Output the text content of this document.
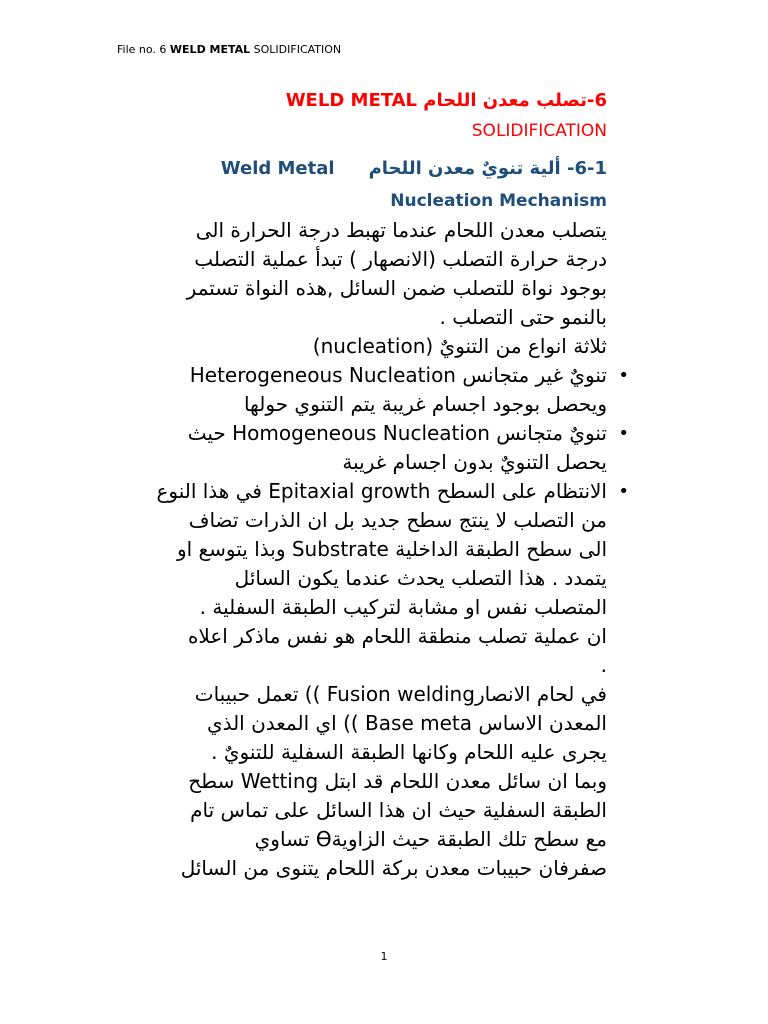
File no. 6 WELD METAL SOLIDIFICATION

6-تصلب معدن اللحام WELD METAL

SOLIDIFICATION

6-1- ألية تنويٌ معدن اللحامWeld Metal

Nucleation Mechanism

يتصلب معدن اللحام عندما تهبط درجة الحرارة الى

درجة حرارة التصلب (الانصهار ) تبدأ عملية التصلب

بوجود نواة للتصلب ضمن السائل ,هذه النواة تستمر

بالنمو حتى التصلب .

ثلاثة انواع من التنويٌ (nucleation)

•
تنويٌ غير متجانس Heterogeneous Nucleation
ويحصل بوجود اجسام غريبة يتم التنوي حولها
•
تنويٌ متجانس Homogeneous Nucleation حيث
يحصل التنويٌ بدون اجسام غريبة
•
الانتظام على السطح Epitaxial growth في هذا النوع
من التصلب لا ينتج سطح جديد بل ان الذرات تضاف
الى سطح الطبقة الداخلية Substrate وبذا يتوسع او
يتمدد . هذا التصلب يحدث عندما يكون السائل
المتصلب نفس او مشابة لتركيب الطبقة السفلية .
ان عملية تصلب منطقة اللحام هو نفس ماذكر اعلاه
.

في لحام الانصارFusion welding )) تعمل حبيبات

المعدن الاساس Base meta )) اي المعدن الذي

يجرى عليه اللحام وكانها الطبقة السفلية للتنويٌ .

وبما ان سائل معدن اللحام قد ابتل Wetting سطح

الطبقة السفلية حيث ان هذا السائل على تماس تام

مع سطح تلك الطبقة حيث الزاويةϴ تساوي

صفرفان حبيبات معدن بركة اللحام يتنوى من السائل

1
